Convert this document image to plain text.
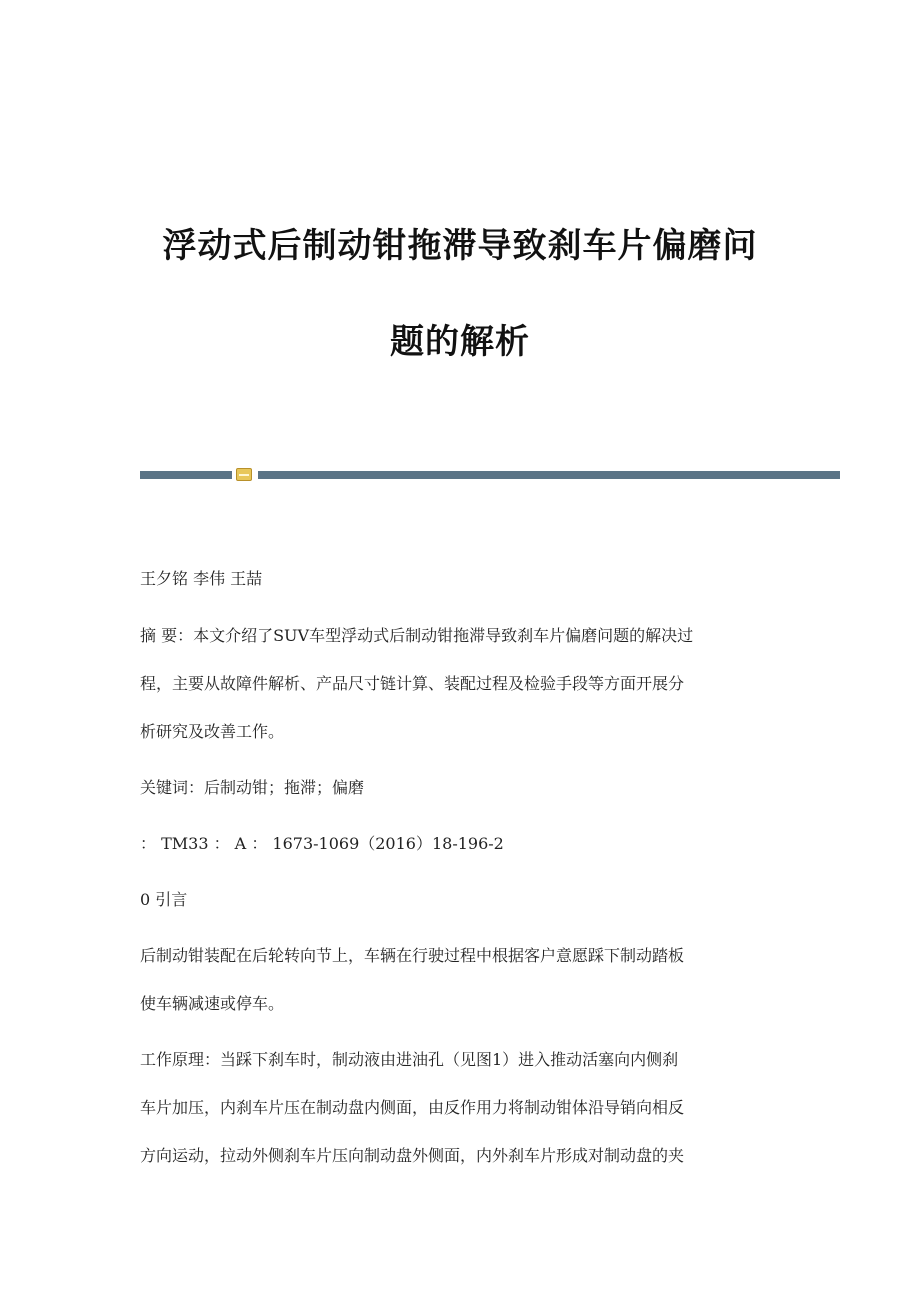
浮动式后制动钳拖滞导致刹车片偏磨问
题的解析
王夕铭 李伟 王喆
摘 要：本文介绍了SUV车型浮动式后制动钳拖滞导致刹车片偏磨问题的解决过
程，主要从故障件解析、产品尺寸链计算、装配过程及检验手段等方面开展分
析研究及改善工作。
关键词：后制动钳；拖滞；偏磨
： TM33 ： A ： 1673-1069（2016）18-196-2
0 引言
后制动钳装配在后轮转向节上，车辆在行驶过程中根据客户意愿踩下制动踏板
使车辆减速或停车。
工作原理：当踩下刹车时，制动液由进油孔（见图1）进入推动活塞向内侧刹
车片加压，内刹车片压在制动盘内侧面，由反作用力将制动钳体沿导销向相反
方向运动，拉动外侧刹车片压向制动盘外侧面，内外刹车片形成对制动盘的夹
